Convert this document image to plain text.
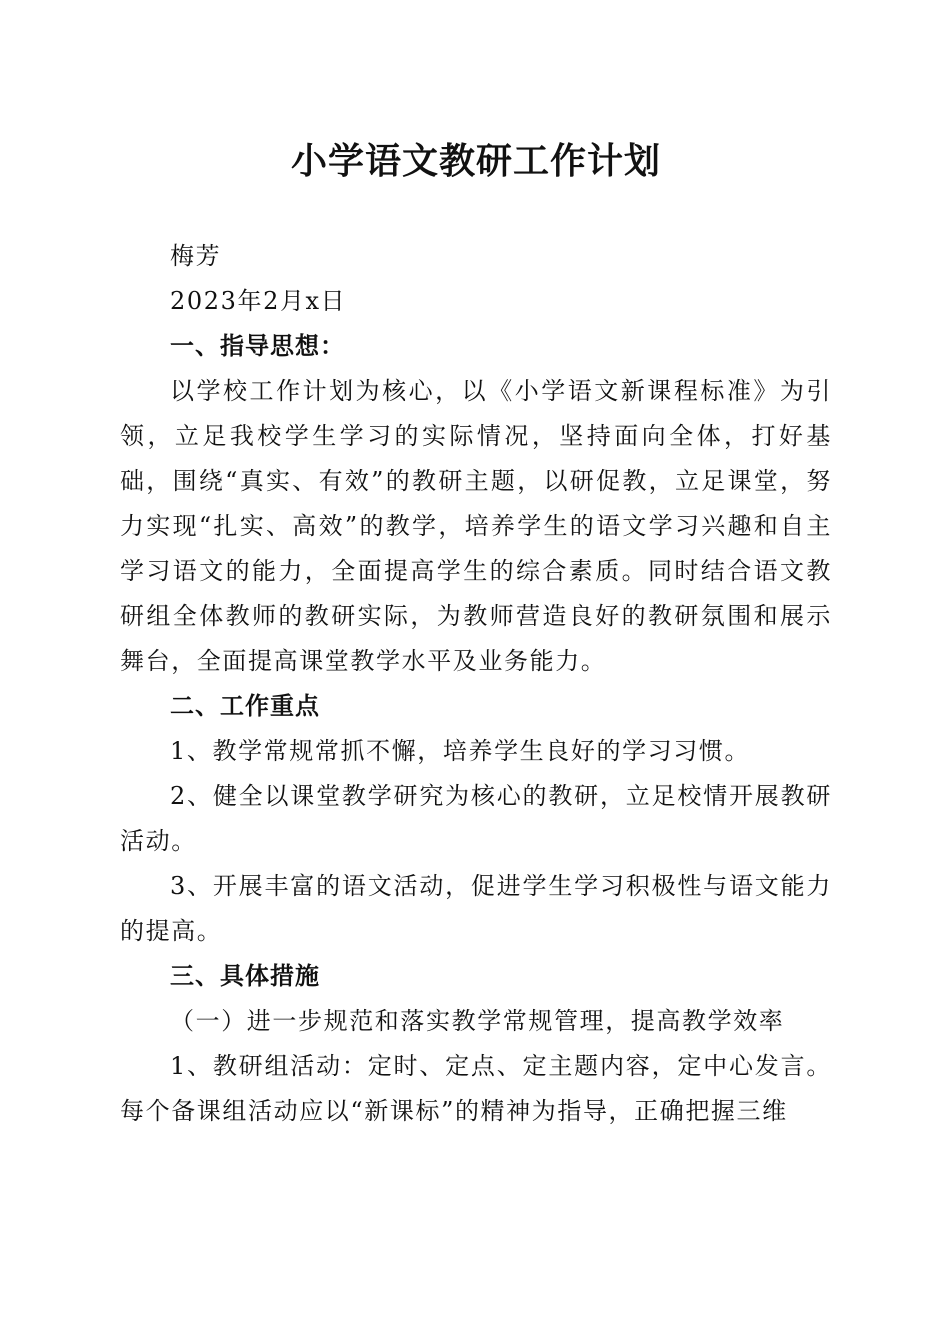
小学语文教研工作计划

梅芳

2023年2月x日

一、指导思想：

以学校工作计划为核心，以《小学语文新课程标准》为引领，立足我校学生学习的实际情况，坚持面向全体，打好基础，围绕“真实、有效”的教研主题，以研促教，立足课堂，努力实现“扎实、高效”的教学，培养学生的语文学习兴趣和自主学习语文的能力，全面提高学生的综合素质。同时结合语文教研组全体教师的教研实际，为教师营造良好的教研氛围和展示舞台，全面提高课堂教学水平及业务能力。

二、工作重点

1、教学常规常抓不懈，培养学生良好的学习习惯。

2、健全以课堂教学研究为核心的教研，立足校情开展教研活动。

3、开展丰富的语文活动，促进学生学习积极性与语文能力的提高。

三、具体措施

（一）进一步规范和落实教学常规管理，提高教学效率

1、教研组活动：定时、定点、定主题内容，定中心发言。每个备课组活动应以“新课标”的精神为指导，正确把握三维
